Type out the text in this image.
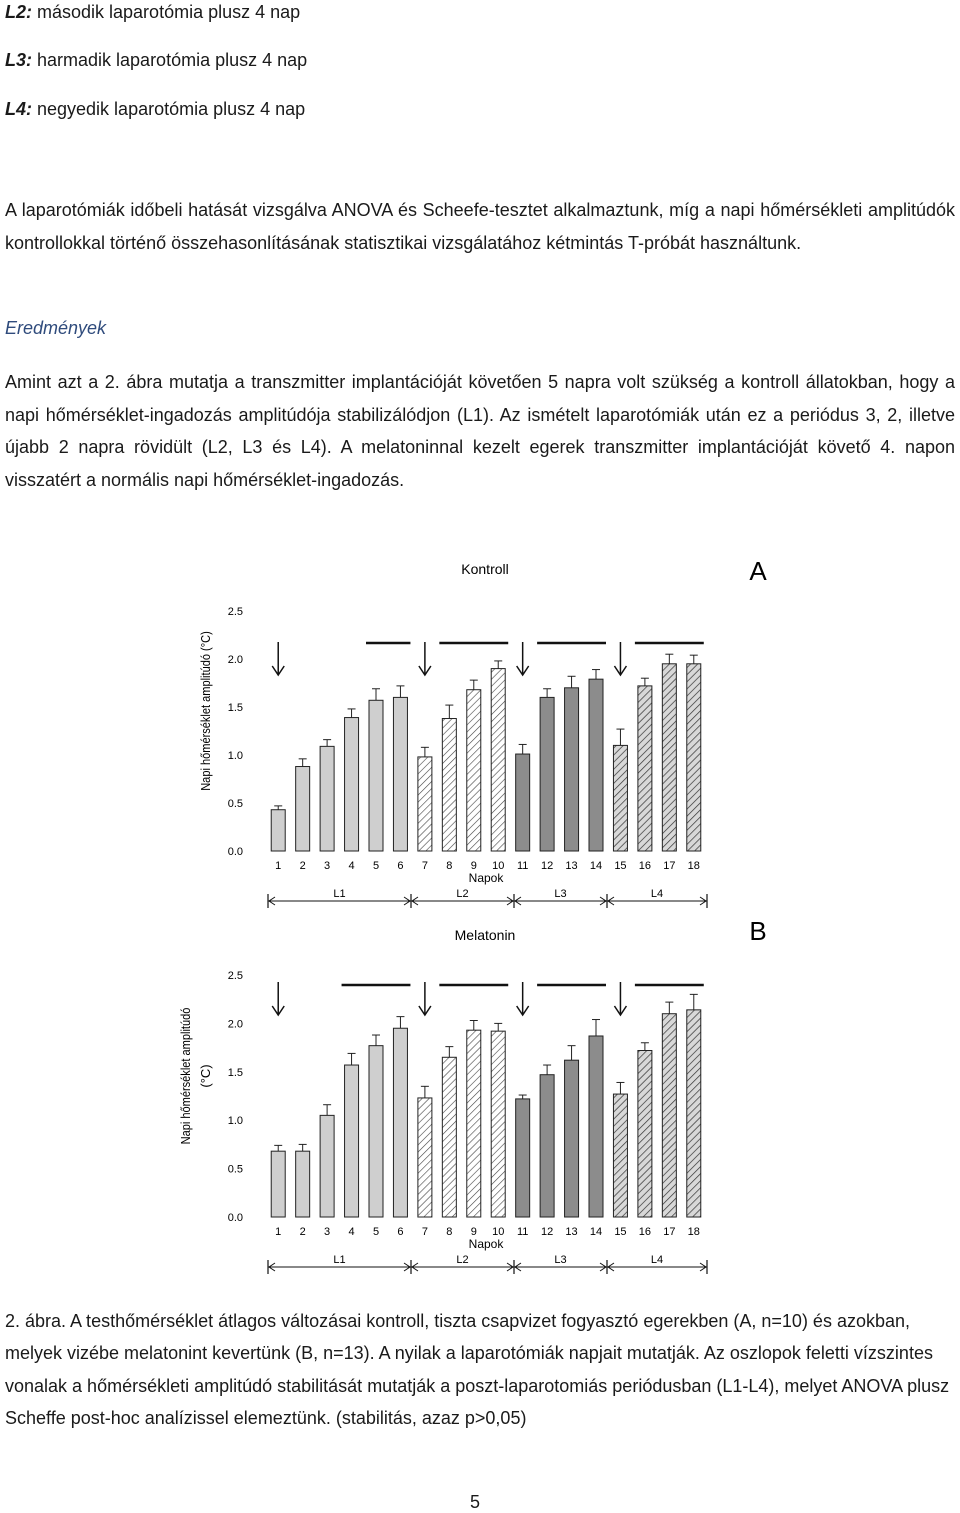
L2: második laparotómia plusz 4 nap
L3: harmadik laparotómia plusz 4 nap
L4: negyedik laparotómia plusz 4 nap
A laparotómiák időbeli hatását vizsgálva ANOVA és Scheefe-tesztet alkalmaztunk, míg a napi hőmérsékleti amplitúdók kontrollokkal történő összehasonlításának statisztikai vizsgálatához kétmintás T-próbát használtunk.
Eredmények
Amint azt a 2. ábra mutatja a transzmitter implantációját követően 5 napra volt szükség a kontroll állatokban, hogy a napi hőmérséklet-ingadozás amplitúdója stabilizálódjon (L1). Az ismételt laparotómiák után ez a periódus 3, 2, illetve újabb 2 napra rövidült (L2, L3 és L4). A melatoninnal kezelt egerek transzmitter implantációját követő 4. napon visszatért a normális napi hőmérséklet-ingadozás.
Kontroll	A
0.0
0.5
1.0
1.5
2.0
2.5
Napi hőmérséklet amplitúdó (°C)
1 2 3 4 5 6 7 8 9 10 11 12 13 14 15 16 17 18
Napok
L1	L2	L3	L4
Melatonin	B
0.0
0.5
1.0
1.5
2.0
2.5
Napi hőmérséklet amplitúdó (°C)
1 2 3 4 5 6 7 8 9 10 11 12 13 14 15 16 17 18
Napok
L1	L2	L3	L4
2. ábra. A testhőmérséklet átlagos változásai kontroll, tiszta csapvizet fogyasztó egerekben (A, n=10) és azokban, melyek vizébe melatonint kevertünk (B, n=13). A nyilak a laparotómiák napjait mutatják. Az oszlopok feletti vízszintes vonalak a hőmérsékleti amplitúdó stabilitását mutatják a poszt-laparotomiás periódusban (L1-L4), melyet ANOVA plusz Scheffe post-hoc analízissel elemeztünk. (stabilitás, azaz p>0,05)
5
